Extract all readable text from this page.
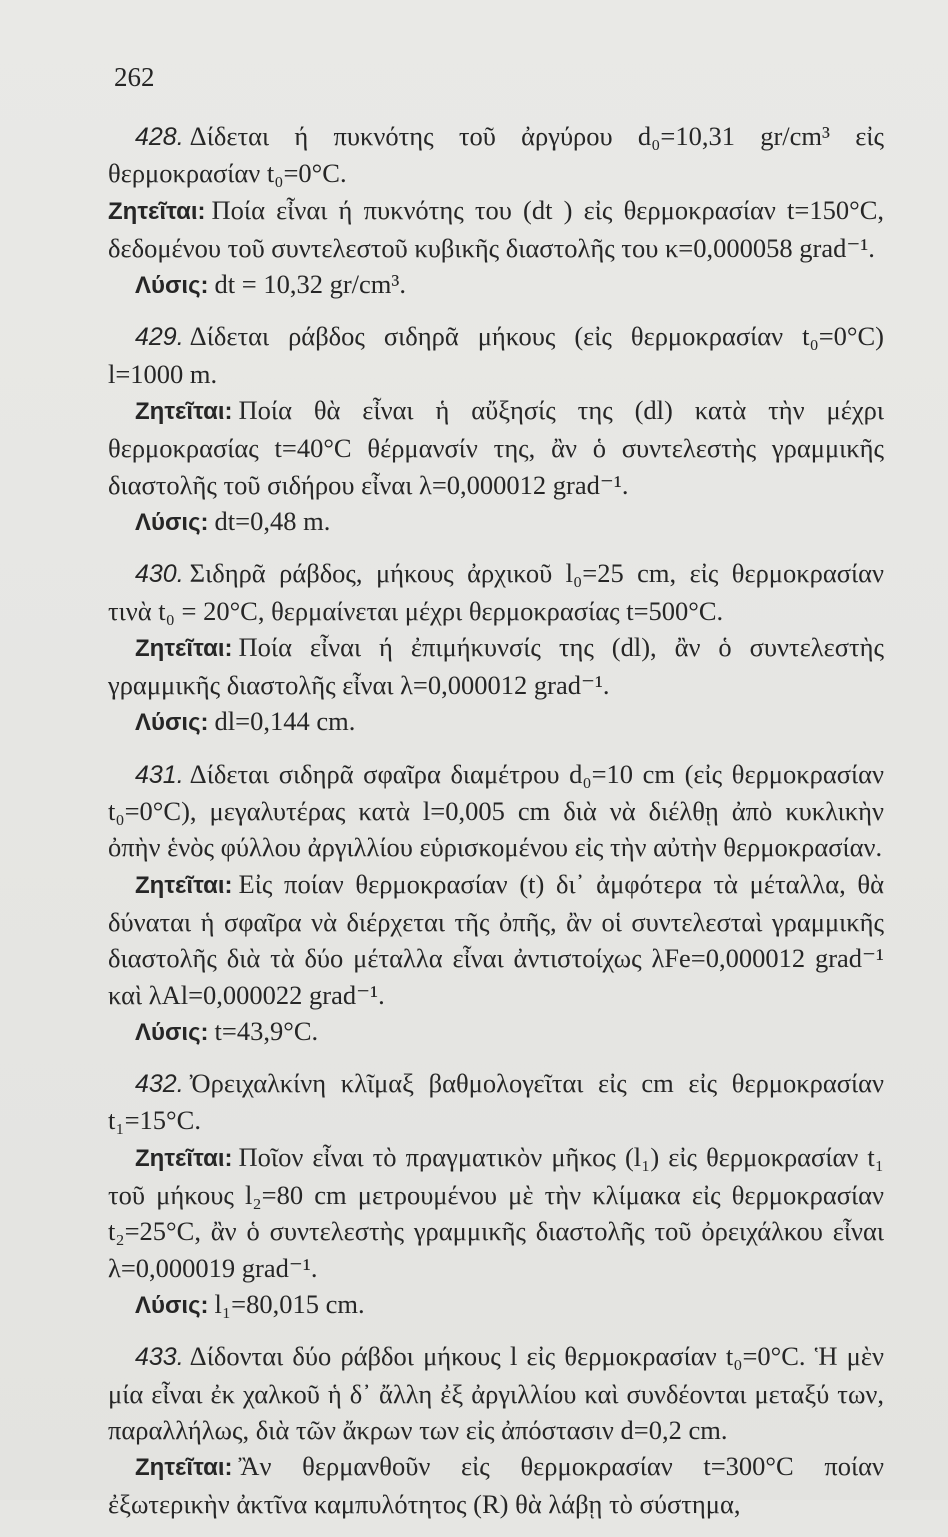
262

428. Δίδεται ή πυκνότης τοῦ ἀργύρου d₀=10,31 gr/cm³ εἰς θερμοκρασίαν t₀=0°C.

Ζητεῖται: Ποία εἶναι ή πυκνότης του (dt ) εἰς θερμοκρασίαν t=150°C, δεδομένου τοῦ συντελεστοῦ κυβικῆς διαστολῆς του κ=0,000058 grad⁻¹.

Λύσις: dt = 10,32 gr/cm³.

429. Δίδεται ράβδος σιδηρᾶ μήκους (εἰς θερμοκρασίαν t₀=0°C) l=1000 m.

Ζητεῖται: Ποία θὰ εἶναι ἡ αὔξησίς της (dl) κατὰ τὴν μέχρι θερμοκρασίας t=40°C θέρμανσίν της, ἂν ὁ συντελεστὴς γραμμικῆς διαστολῆς τοῦ σιδήρου εἶναι λ=0,000012 grad⁻¹.

Λύσις: dt=0,48 m.

430. Σιδηρᾶ ράβδος, μήκους ἀρχικοῦ l₀=25 cm, εἰς θερμοκρασίαν τινὰ t₀ = 20°C, θερμαίνεται μέχρι θερμοκρασίας t=500°C.

Ζητεῖται: Ποία εἶναι ή ἐπιμήκυνσίς της (dl), ἂν ὁ συντελεστὴς γραμμικῆς διαστολῆς εἶναι λ=0,000012 grad⁻¹.

Λύσις: dl=0,144 cm.

431. Δίδεται σιδηρᾶ σφαῖρα διαμέτρου d₀=10 cm (εἰς θερμοκρασίαν t₀=0°C), μεγαλυτέρας κατὰ l=0,005 cm διὰ νὰ διέλθῃ ἀπὸ κυκλικὴν ὀπὴν ἑνὸς φύλλου ἀργιλλίου εὑρισκομένου εἰς τὴν αὐτὴν θερμοκρασίαν.

Ζητεῖται: Εἰς ποίαν θερμοκρασίαν (t) δι᾽ ἀμφότερα τὰ μέταλλα, θὰ δύναται ἡ σφαῖρα νὰ διέρχεται τῆς ὀπῆς, ἂν οἱ συντελεσταὶ γραμμικῆς διαστολῆς διὰ τὰ δύο μέταλλα εἶναι ἀντιστοίχως λFe=0,000012 grad⁻¹ καὶ λAl=0,000022 grad⁻¹.

Λύσις: t=43,9°C.

432. Ὀρειχαλκίνη κλῖμαξ βαθμολογεῖται εἰς cm εἰς θερμοκρασίαν t₁=15°C.

Ζητεῖται: Ποῖον εἶναι τὸ πραγματικὸν μῆκος (l₁) εἰς θερμοκρασίαν t₁ τοῦ μήκους l₂=80 cm μετρουμένου μὲ τὴν κλίμακα εἰς θερμοκρασίαν t₂=25°C, ἂν ὁ συντελεστὴς γραμμικῆς διαστολῆς τοῦ ὀρειχάλκου εἶναι λ=0,000019 grad⁻¹.

Λύσις: l₁=80,015 cm.

433. Δίδονται δύο ράβδοι μήκους l εἰς θερμοκρασίαν t₀=0°C. Ἡ μὲν μία εἶναι ἐκ χαλκοῦ ἡ δ᾽ ἄλλη ἐξ ἀργιλλίου καὶ συνδέονται μεταξύ των, παραλλήλως, διὰ τῶν ἄκρων των εἰς ἀπόστασιν d=0,2 cm.

Ζητεῖται: Ἂν θερμανθοῦν εἰς θερμοκρασίαν t=300°C ποίαν ἐξωτερικὴν ἀκτῖνα καμπυλότητος (R) θὰ λάβῃ τὸ σύστημα,
